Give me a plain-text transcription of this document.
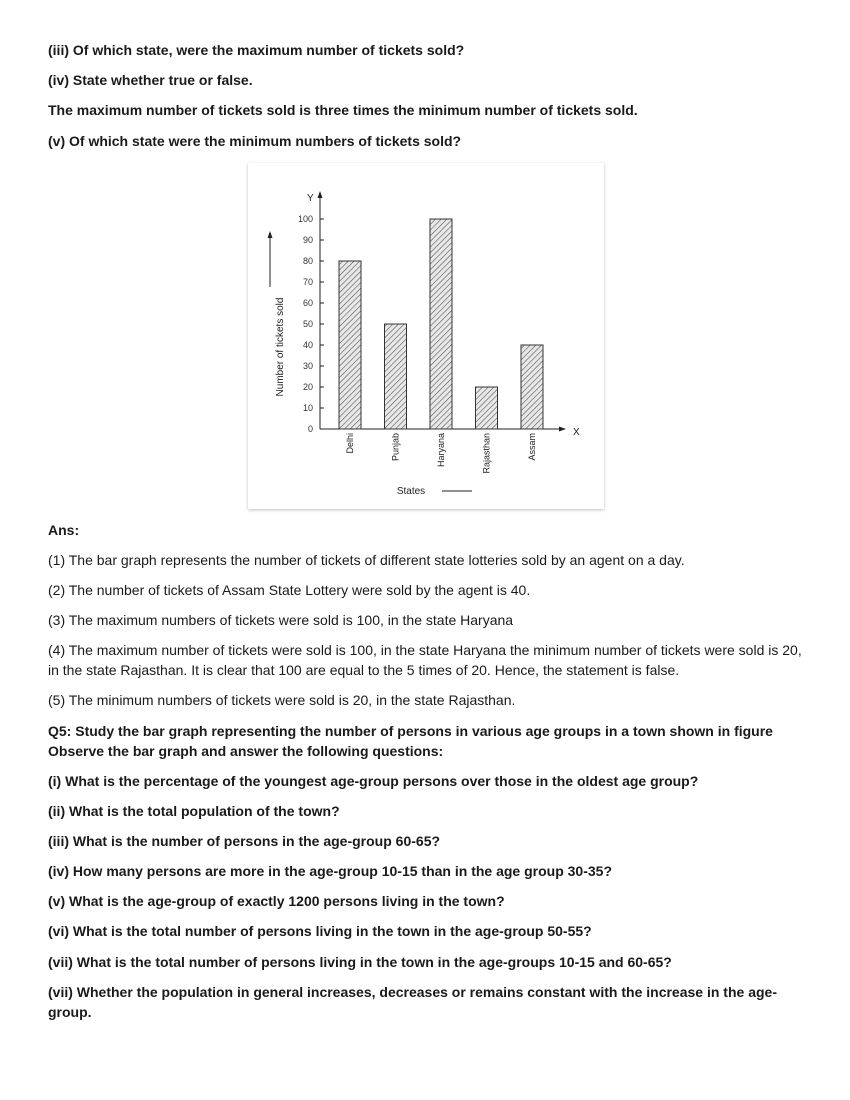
(iii) Of which state, were the maximum number of tickets sold?
(iv) State whether true or false.
The maximum number of tickets sold is three times the minimum number of tickets sold.
(v) Of which state were the minimum numbers of tickets sold?
100
90
80
70
60
50
40
30
20
10
0
Delhi	Punjab	Haryana	Rajasthan	Assam
States
Number of tickets sold
X
Y
Ans:
(1) The bar graph represents the number of tickets of different state lotteries sold by an agent on a day.
(2) The number of tickets of Assam State Lottery were sold by the agent is 40.
(3) The maximum numbers of tickets were sold is 100, in the state Haryana
(4) The maximum number of tickets were sold is 100, in the state Haryana the minimum number of tickets were sold is 20, in the state Rajasthan. It is clear that 100 are equal to the 5 times of 20. Hence, the statement is false.
(5) The minimum numbers of tickets were sold is 20, in the state Rajasthan.
Q5: Study the bar graph representing the number of persons in various age groups in a town shown in figure
Observe the bar graph and answer the following questions:
(i) What is the percentage of the youngest age-group persons over those in the oldest age group?
(ii) What is the total population of the town?
(iii) What is the number of persons in the age-group 60-65?
(iv) How many persons are more in the age-group 10-15 than in the age group 30-35?
(v) What is the age-group of exactly 1200 persons living in the town?
(vi) What is the total number of persons living in the town in the age-group 50-55?
(vii) What is the total number of persons living in the town in the age-groups 10-15 and 60-65?
(vii) Whether the population in general increases, decreases or remains constant with the increase in the age-group.
